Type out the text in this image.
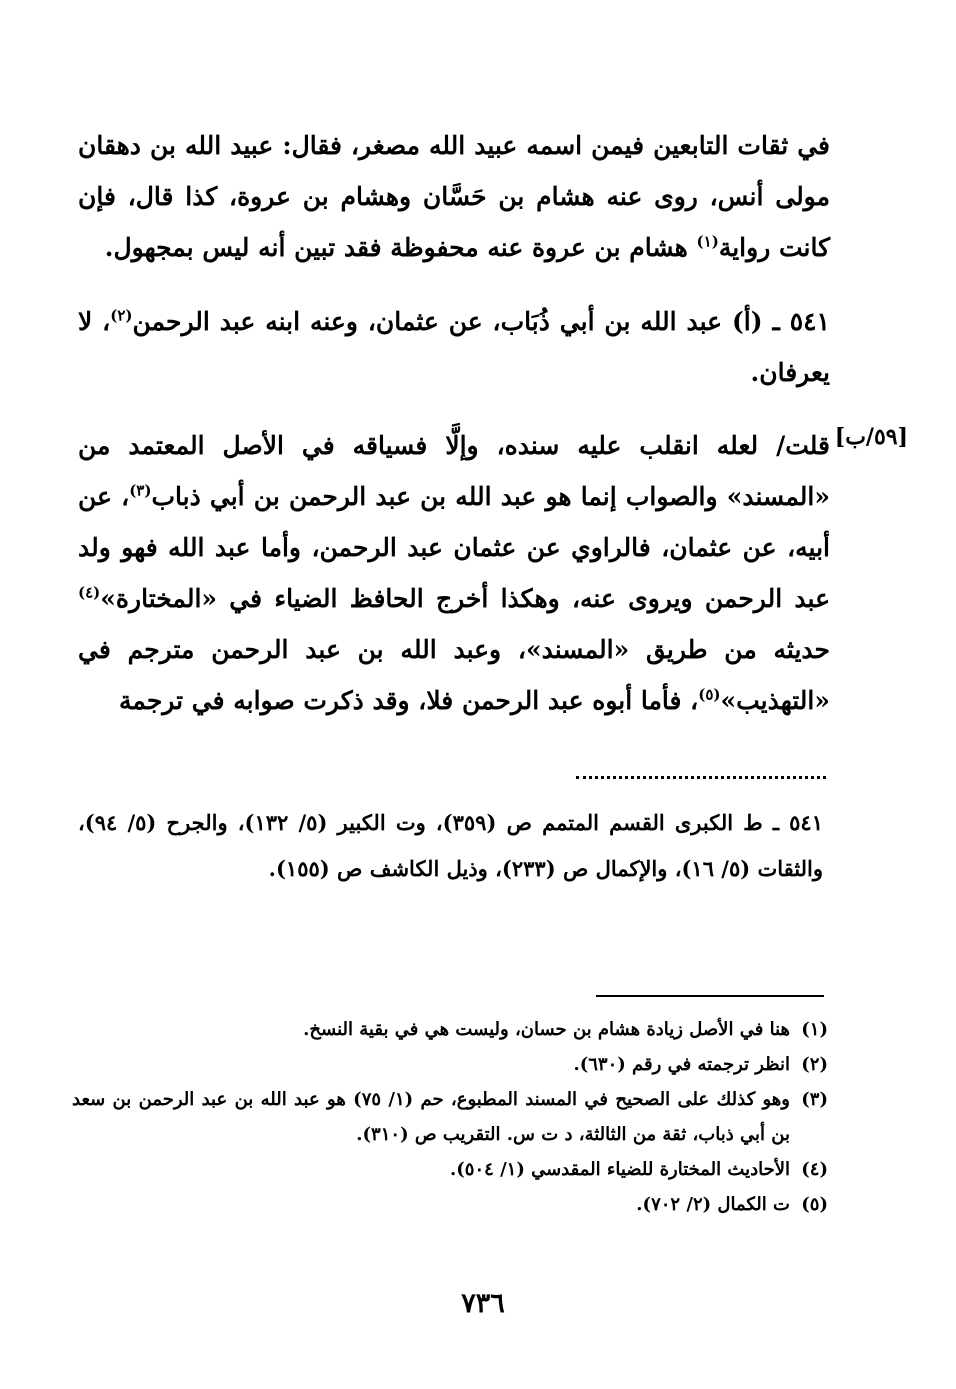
في ثقات التابعين فيمن اسمه عبيد الله مصغر، فقال: عبيد الله بن دهقان مولى أنس، روى عنه هشام بن حَسَّان وهشام بن عروة، كذا قال، فإن كانت رواية$^{(١)}$ هشام بن عروة عنه محفوظة فقد تبين أنه ليس بمجهول.
٥٤١ ـ (أ) عبد الله بن أبي ذُبَاب، عن عثمان، وعنه ابنه عبد الرحمن$^{(٢)}$، لا يعرفان.
[٥٩/ب]
قلت/ لعله انقلب عليه سنده، وإلَّا فسياقه في الأصل المعتمد من «المسند» والصواب إنما هو عبد الله بن عبد الرحمن بن أبي ذباب$^{(٣)}$، عن أبيه، عن عثمان، فالراوي عن عثمان عبد الرحمن، وأما عبد الله فهو ولد عبد الرحمن ويروى عنه، وهكذا أخرج الحافظ الضياء في «المختارة»$^{(٤)}$ حديثه من طريق «المسند»، وعبد الله بن عبد الرحمن مترجم في «التهذيب»$^{(٥)}$، فأما أبوه عبد الرحمن فلا، وقد ذكرت صوابه في ترجمة
٥٤١ ـ ط الكبرى القسم المتمم ص (٣٥٩)، وت الكبير (٥/ ١٣٢)، والجرح (٥/ ٩٤)، والثقات (٥/ ١٦)، والإكمال ص (٢٣٣)، وذيل الكاشف ص (١٥٥).
(١)
هنا في الأصل زيادة هشام بن حسان، وليست هي في بقية النسخ.
(٢)
انظر ترجمته في رقم (٦٣٠).
(٣)
وهو كذلك على الصحيح في المسند المطبوع، حم (١/ ٧٥) هو عبد الله بن عبد الرحمن بن سعد بن أبي ذباب، ثقة من الثالثة، د ت س. التقريب ص (٣١٠).
(٤)
الأحاديث المختارة للضياء المقدسي (١/ ٥٠٤).
(٥)
ت الكمال (٢/ ٧٠٢).
٧٣٦
